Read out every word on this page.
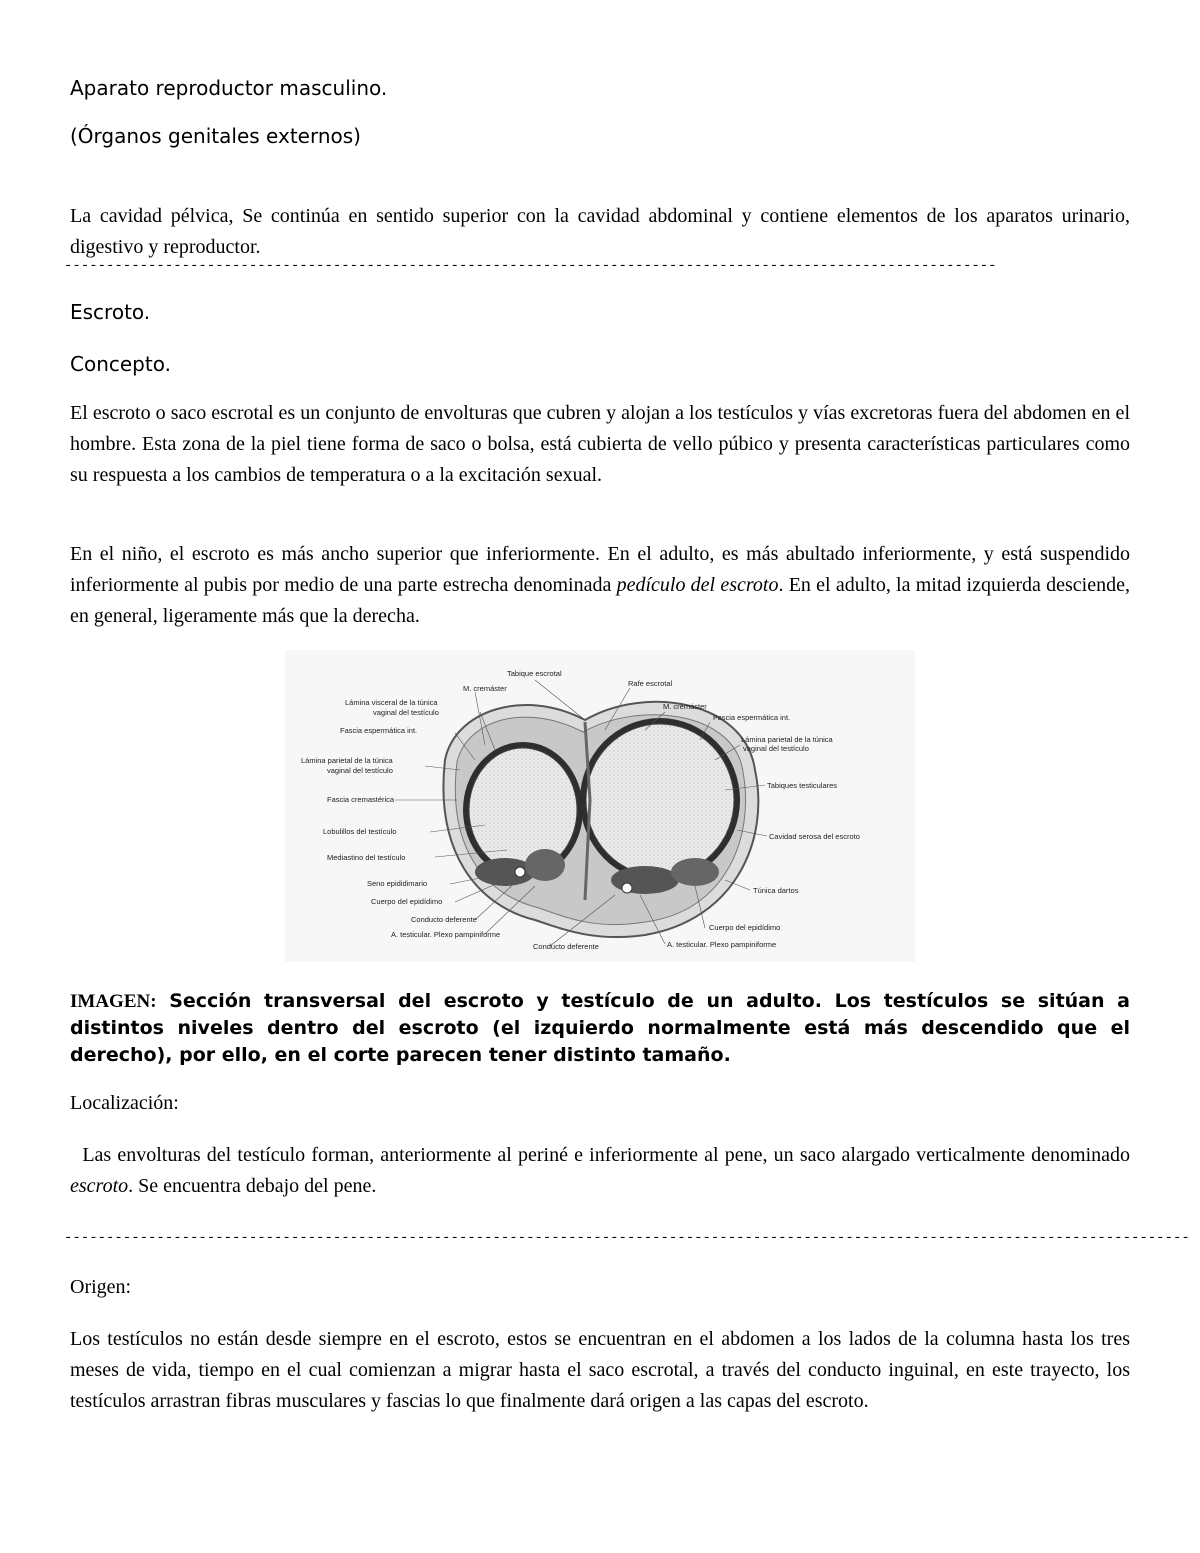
Aparato reproductor masculino.
(Órganos genitales externos)
La cavidad pélvica, Se continúa en sentido superior con la cavidad abdominal y contiene elementos de los aparatos urinario, digestivo y reproductor.
---------------------------------------------------------------------------------------------------------------
Escroto.
Concepto.
El escroto o saco escrotal es un conjunto de envolturas que cubren y alojan a los testículos y vías excretoras fuera del abdomen en el hombre. Esta zona de la piel tiene forma de saco o bolsa, está cubierta de vello púbico y presenta características particulares como su respuesta a los cambios de temperatura o a la excitación sexual.
En el niño, el escroto es más ancho superior que inferiormente. En el adulto, es más abultado inferiormente, y está suspendido inferiormente al pubis por medio de una parte estrecha denominada pedículo del escroto. En el adulto, la mitad izquierda desciende, en general, ligeramente más que la derecha.
Tabique escrotal
Rafe escrotal
M. cremáster
Lámina visceral de la túnica
vaginal del testículo
Fascia espermática int.
Lámina parietal de la túnica
vaginal del testículo
Fascia cremastérica
Lobulillos del testículo
Mediastino del testículo
Seno epididimario
Cuerpo del epidídimo
Conducto deferente
A. testicular. Plexo pampiniforme
Conducto deferente
M. cremáster
Fascia espermática int.
Lámina parietal de la túnica
vaginal del testículo
Tabiques testiculares
Cavidad serosa del escroto
Túnica dartos
Cuerpo del epidídimo
A. testicular. Plexo pampiniforme
IMAGEN: Sección transversal del escroto y testículo de un adulto. Los testículos se sitúan a distintos niveles dentro del escroto (el izquierdo normalmente está más descendido que el derecho), por ello, en el corte parecen tener distinto tamaño.
Localización:
Las envolturas del testículo forman, anteriormente al periné e inferiormente al pene, un saco alargado verticalmente denominado escroto. Se encuentra debajo del pene.
--------------------------------------------------------------------------------------------------------------------------------------
Origen:
Los testículos no están desde siempre en el escroto, estos se encuentran en el abdomen a los lados de la columna hasta los tres meses de vida, tiempo en el cual comienzan a migrar hasta el saco escrotal, a través del conducto inguinal, en este trayecto, los testículos arrastran fibras musculares y fascias lo que finalmente dará origen a las capas del escroto.
